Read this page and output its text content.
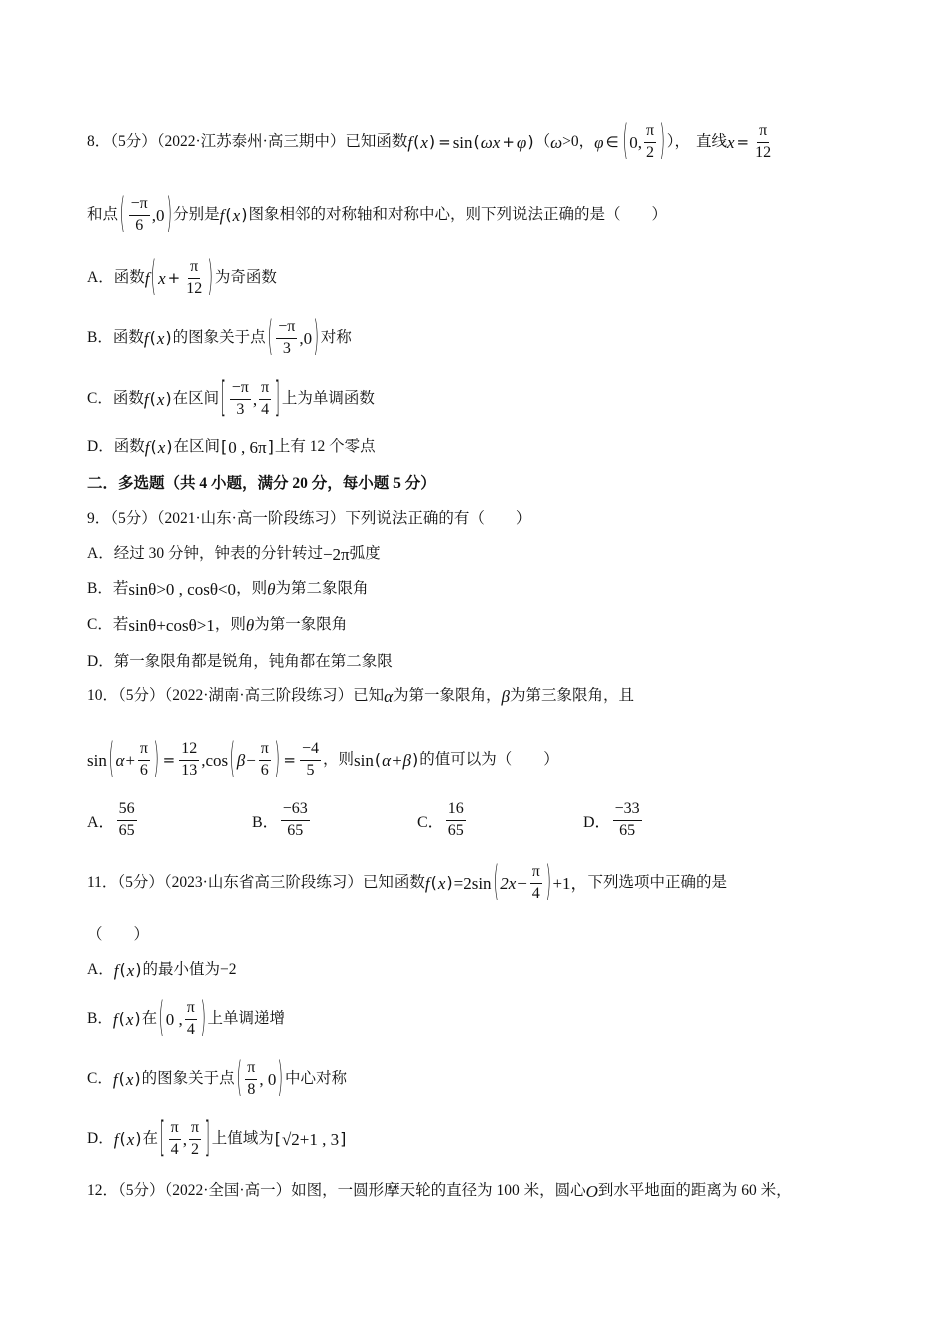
8．（5分）（2022·江苏泰州·高三期中）已知函数 f ( x ) = sin ( ωx + φ ) （ ω >0， φ ∈ ( 0 , $\frac{\pi}{2}$ ) ）， 直线 $x = \frac{\pi}{12}$
和点 ( $\frac{-\pi}{6}$ , 0 ) 分别是 f ( x ) 图象相邻的对称轴和对称中心，则下列说法正确的是（　　）
A．函数 f ( $x + \frac{\pi}{12}$ ) 为奇函数
B．函数 f ( x ) 的图象关于点 ( $\frac{-\pi}{3}$ , 0 ) 对称
C．函数 f ( x ) 在区间 [ $\frac{-\pi}{3}$ , $\frac{\pi}{4}$ ] 上为单调函数
D．函数 f ( x ) 在区间 [ 0 , 6π ] 上有 12 个零点
二．多选题（共 4 小题，满分 20 分，每小题 5 分）
9．（5分）（2021·山东·高一阶段练习）下列说法正确的有（　　）
A．经过 30 分钟，钟表的分针转过 −2π 弧度
B．若 sinθ>0 , cosθ<0 ，则 θ 为第二象限角
C．若 sinθ+cosθ>1 ，则 θ 为第一象限角
D．第一象限角都是锐角，钝角都在第二象限
10．（5分）（2022·湖南·高三阶段练习）已知 α 为第一象限角， β 为第三象限角，且
sin ( $\alpha+ \frac{\pi}{6}$ ) = $\frac{12}{13}$ , cos ( $\beta- \frac{\pi}{6}$ ) = $\frac{-4}{5}$ ，则 sin ( α+β ) 的值可以为（　　）
A． $\frac{56}{65}$	B． $\frac{-63}{65}$	C． $\frac{16}{65}$	D． $\frac{-33}{65}$
11．（5分）（2023·山东省高三阶段练习）已知函数 f ( x ) =2sin ( $2x- \frac{\pi}{4}$ ) +1， 下列选项中正确的是
（　　）
A． f ( x ) 的最小值为−2
B． f ( x ) 在 ( 0 , $\frac{\pi}{4}$ ) 上单调递增
C． f ( x ) 的图象关于点 ( $\frac{\pi}{8}$ , 0 ) 中心对称
D． f ( x ) 在 [ $\frac{\pi}{4}$ , $\frac{\pi}{2}$ ] 上值域为 [ √2+1 , 3 ]
12．（5分）（2022·全国·高一）如图，一圆形摩天轮的直径为 100 米，圆心 O 到水平地面的距离为 60 米，
